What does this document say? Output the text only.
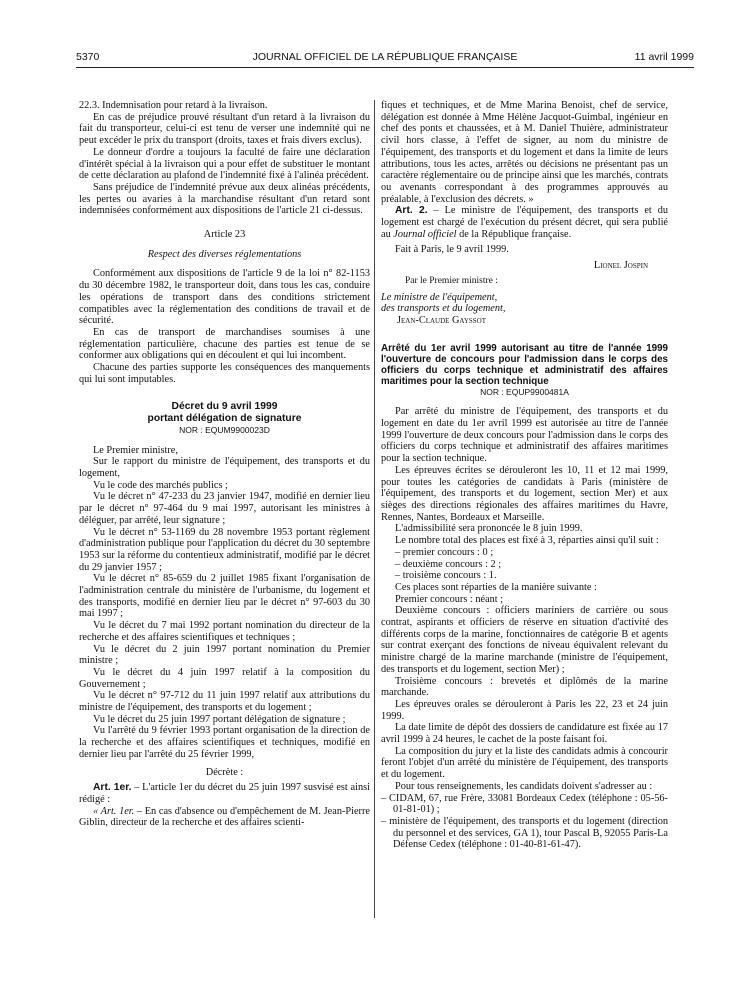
5370	JOURNAL OFFICIEL DE LA RÉPUBLIQUE FRANÇAISE	11 avril 1999

22.3. Indemnisation pour retard à la livraison.

En cas de préjudice prouvé résultant d'un retard à la livraison du fait du transporteur, celui-ci est tenu de verser une indemnité qui ne peut excéder le prix du transport (droits, taxes et frais divers exclus).

Le donneur d'ordre a toujours la faculté de faire une déclaration d'intérêt spécial à la livraison qui a pour effet de substituer le montant de cette déclaration au plafond de l'indemnité fixé à l'alinéa précédent.

Sans préjudice de l'indemnité prévue aux deux alinéas précédents, les pertes ou avaries à la marchandise résultant d'un retard sont indemnisées conformément aux dispositions de l'article 21 ci-dessus.

Article 23

Respect des diverses réglementations

Conformément aux dispositions de l'article 9 de la loi n° 82-1153 du 30 décembre 1982, le transporteur doit, dans tous les cas, conduire les opérations de transport dans des conditions strictement compatibles avec la réglementation des conditions de travail et de sécurité.

En cas de transport de marchandises soumises à une réglementation particulière, chacune des parties est tenue de se conformer aux obligations qui en découlent et qui lui incombent.

Chacune des parties supporte les conséquences des manquements qui lui sont imputables.

Décret du 9 avril 1999

portant délégation de signature

NOR : EQUM9900023D

Le Premier ministre,

Sur le rapport du ministre de l'équipement, des transports et du logement,

Vu le code des marchés publics ;

Vu le décret n° 47-233 du 23 janvier 1947, modifié en dernier lieu par le décret n° 97-464 du 9 mai 1997, autorisant les ministres à déléguer, par arrêté, leur signature ;

Vu le décret n° 53-1169 du 28 novembre 1953 portant règlement d'administration publique pour l'application du décret du 30 septembre 1953 sur la réforme du contentieux administratif, modifié par le décret du 29 janvier 1957 ;

Vu le décret n° 85-659 du 2 juillet 1985 fixant l'organisation de l'administration centrale du ministère de l'urbanisme, du logement et des transports, modifié en dernier lieu par le décret n° 97-603 du 30 mai 1997 ;

Vu le décret du 7 mai 1992 portant nomination du directeur de la recherche et des affaires scientifiques et techniques ;

Vu le décret du 2 juin 1997 portant nomination du Premier ministre ;

Vu le décret du 4 juin 1997 relatif à la composition du Gouvernement ;

Vu le décret n° 97-712 du 11 juin 1997 relatif aux attributions du ministre de l'équipement, des transports et du logement ;

Vu le décret du 25 juin 1997 portant délégation de signature ;

Vu l'arrêté du 9 février 1993 portant organisation de la direction de la recherche et des affaires scientifiques et techniques, modifié en dernier lieu par l'arrêté du 25 février 1999,

Décrète :

Art. 1er. – L'article 1er du décret du 25 juin 1997 susvisé est ainsi rédigé :

« Art. 1er. – En cas d'absence ou d'empêchement de M. Jean-Pierre Giblin, directeur de la recherche et des affaires scienti-

fiques et techniques, et de Mme Marina Benoist, chef de service, délégation est donnée à Mme Hélène Jacquot-Guimbal, ingénieur en chef des ponts et chaussées, et à M. Daniel Thuière, administrateur civil hors classe, à l'effet de signer, au nom du ministre de l'équipement, des transports et du logement et dans la limite de leurs attributions, tous les actes, arrêtés ou décisions ne présentant pas un caractère réglementaire ou de principe ainsi que les marchés, contrats ou avenants correspondant à des programmes approuvés au préalable, à l'exclusion des décrets. »

Art. 2. – Le ministre de l'équipement, des transports et du logement est chargé de l'exécution du présent décret, qui sera publié au Journal officiel de la République française.

Fait à Paris, le 9 avril 1999.

Lionel Jospin

Par le Premier ministre :

Le ministre de l'équipement,

des transports et du logement,

Jean-Claude Gayssot

Arrêté du 1er avril 1999 autorisant au titre de l'année 1999 l'ouverture de concours pour l'admission dans le corps des officiers du corps technique et administratif des affaires maritimes pour la section technique

NOR : EQUP9900481A

Par arrêté du ministre de l'équipement, des transports et du logement en date du 1er avril 1999 est autorisée au titre de l'année 1999 l'ouverture de deux concours pour l'admission dans le corps des officiers du corps technique et administratif des affaires maritimes pour la section technique.

Les épreuves écrites se dérouleront les 10, 11 et 12 mai 1999, pour toutes les catégories de candidats à Paris (ministère de l'équipement, des transports et du logement, section Mer) et aux sièges des directions régionales des affaires maritimes du Havre, Rennes, Nantes, Bordeaux et Marseille.

L'admissibilité sera prononcée le 8 juin 1999.

Le nombre total des places est fixé à 3, réparties ainsi qu'il suit :

– premier concours : 0 ;

– deuxième concours : 2 ;

– troisième concours : 1.

Ces places sont réparties de la manière suivante :

Premier concours : néant ;

Deuxième concours : officiers mariniers de carrière ou sous contrat, aspirants et officiers de réserve en situation d'activité des différents corps de la marine, fonctionnaires de catégorie B et agents sur contrat exerçant des fonctions de niveau équivalent relevant du ministre chargé de la marine marchande (ministre de l'équipement, des transports et du logement, section Mer) ;

Troisième concours : brevetés et diplômés de la marine marchande.

Les épreuves orales se dérouleront à Paris les 22, 23 et 24 juin 1999.

La date limite de dépôt des dossiers de candidature est fixée au 17 avril 1999 à 24 heures, le cachet de la poste faisant foi.

La composition du jury et la liste des candidats admis à concourir feront l'objet d'un arrêté du ministère de l'équipement, des transports et du logement.

Pour tous renseignements, les candidats doivent s'adresser au :

– CIDAM, 67, rue Frère, 33081 Bordeaux Cedex (téléphone : 05-56-01-81-01) ;

– ministère de l'équipement, des transports et du logement (direction du personnel et des services, GA 1), tour Pascal B, 92055 Paris-La Défense Cedex (téléphone : 01-40-81-61-47).
